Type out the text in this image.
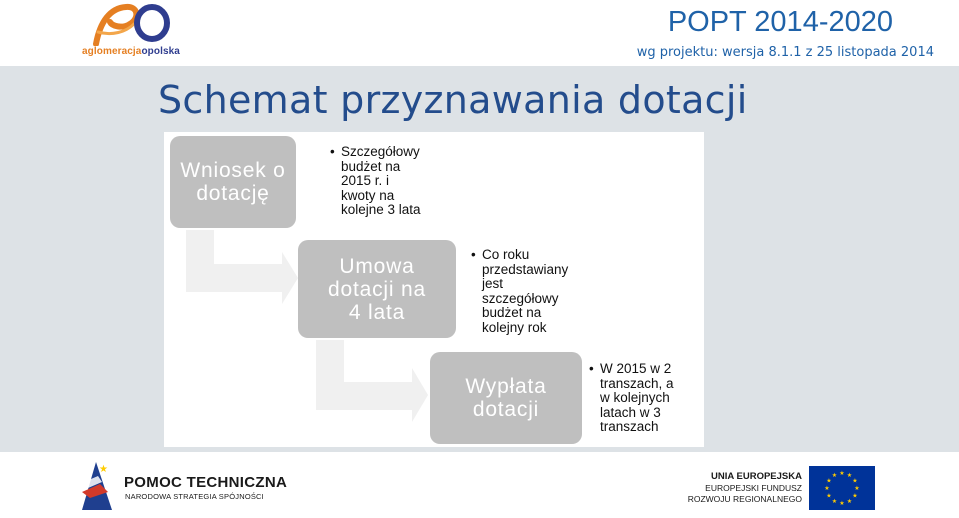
aglomeracjaopolska
POPT 2014-2020
wg projektu: wersja 8.1.1 z 25 listopada 2014
Schemat przyznawania dotacji
Wniosek o
dotację
• Szczegółowy
budżet na
2015 r. i
kwoty na
kolejne 3 lata
Umowa
dotacji na
4 lata
• Co roku
przedstawiany
jest
szczegółowy
budżet na
kolejny rok
Wypłata
dotacji
• W 2015 w 2
transzach, a
w kolejnych
latach w 3
transzach
★
POMOC TECHNICZNA
NARODOWA STRATEGIA SPÓJNOŚCI
UNIA EUROPEJSKA
EUROPEJSKI FUNDUSZ
ROZWOJU REGIONALNEGO
★ ★
★
★
★
★
★
★
★
★
★
★
